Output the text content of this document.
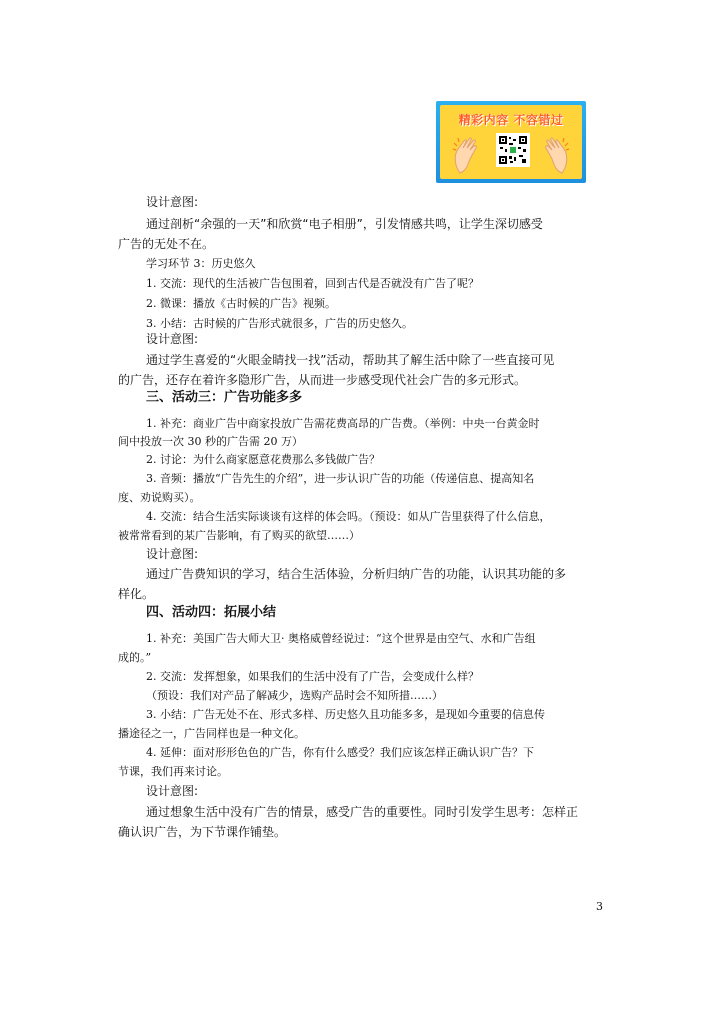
精彩内容 不容错过
设计意图:
通过剖析“余强的一天”和欣赏“电子相册”，引发情感共鸣，让学生深切感受
广告的无处不在。
学习环节 3：历史悠久
1. 交流：现代的生活被广告包围着，回到古代是否就没有广告了呢？
2. 微课：播放《古时候的广告》视频。
3. 小结：古时候的广告形式就很多，广告的历史悠久。
设计意图:
通过学生喜爱的“火眼金睛找一找”活动，帮助其了解生活中除了一些直接可见
的广告，还存在着许多隐形广告，从而进一步感受现代社会广告的多元形式。
三、活动三：广告功能多多
1. 补充：商业广告中商家投放广告需花费高昂的广告费。（举例：中央一台黄金时
间中投放一次 30 秒的广告需 20 万）
2. 讨论：为什么商家愿意花费那么多钱做广告？
3. 音频：播放“广告先生的介绍”，进一步认识广告的功能（传递信息、提高知名
度、劝说购买）。
4. 交流：结合生活实际谈谈有这样的体会吗。（预设：如从广告里获得了什么信息，
被常常看到的某广告影响，有了购买的欲望……）
设计意图:
通过广告费知识的学习，结合生活体验，分析归纳广告的功能，认识其功能的多
样化。
四、活动四：拓展小结
1. 补充：美国广告大师大卫· 奥格威曾经说过：“这个世界是由空气、水和广告组
成的。”
2. 交流：发挥想象，如果我们的生活中没有了广告，会变成什么样？
（预设：我们对产品了解减少，选购产品时会不知所措……）
3. 小结：广告无处不在、形式多样、历史悠久且功能多多，是现如今重要的信息传
播途径之一，广告同样也是一种文化。
4. 延伸：面对形形色色的广告，你有什么感受？我们应该怎样正确认识广告？下
节课，我们再来讨论。
设计意图:
通过想象生活中没有广告的情景，感受广告的重要性。同时引发学生思考：怎样正
确认识广告，为下节课作铺垫。
3
